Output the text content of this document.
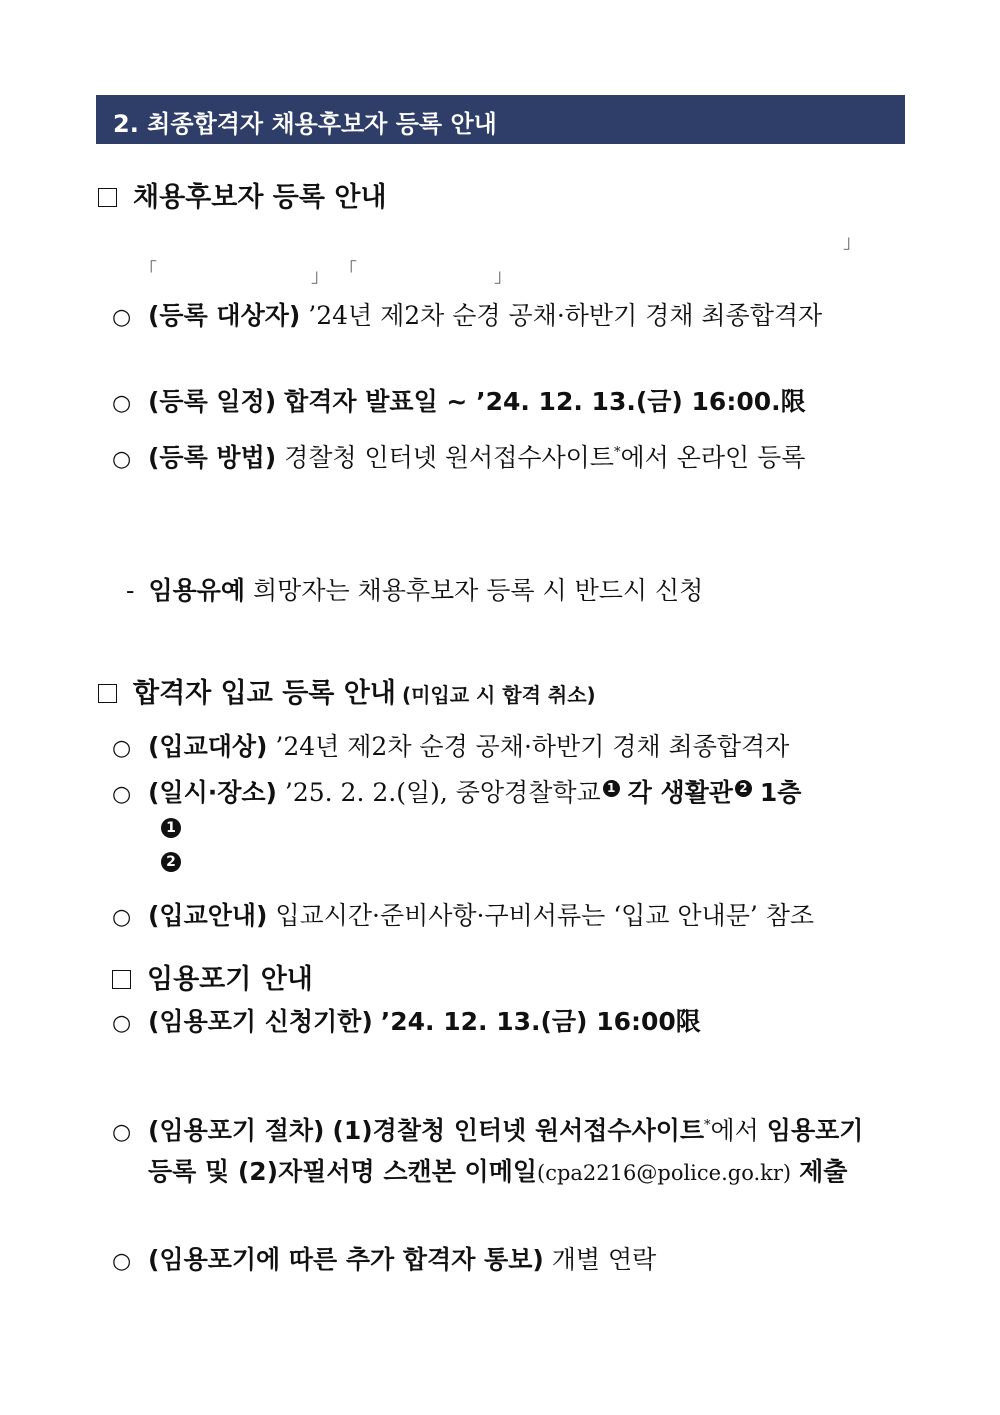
2. 최종합격자 채용후보자 등록 안내
채용후보자 등록 안내
」
「	」 「	」
○ (등록 대상자) ’24년 제2차 순경 공채·하반기 경채 최종합격자
○ (등록 일정) 합격자 발표일 ~ ’24. 12. 13.(금) 16:00.限
○ (등록 방법) 경찰청 인터넷 원서접수사이트*에서 온라인 등록
- 임용유예 희망자는 채용후보자 등록 시 반드시 신청
합격자 입교 등록 안내 (미입교 시 합격 취소)
○ (입교대상) ’24년 제2차 순경 공채·하반기 경채 최종합격자
○ (일시·장소) ’25. 2. 2.(일), 중앙경찰학교 1 각 생활관 2 1층
1
2
○ (입교안내) 입교시간·준비사항·구비서류는 ‘입교 안내문’ 참조
임용포기 안내
○ (임용포기 신청기한) ’24. 12. 13.(금) 16:00限
○ (임용포기 절차) (1)경찰청 인터넷 원서접수사이트*에서 임용포기
등록 및 (2)자필서명 스캔본 이메일(cpa2216@police.go.kr) 제출
○ (임용포기에 따른 추가 합격자 통보) 개별 연락
